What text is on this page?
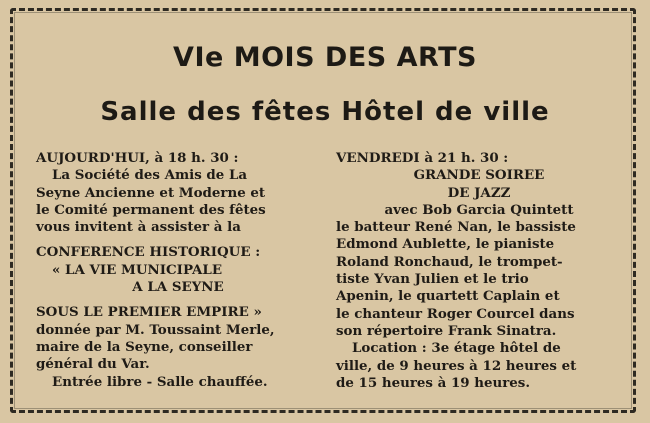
VIe MOIS DES ARTS
Salle des fêtes Hôtel de ville
AUJOURD'HUI, à 18 h. 30 :
La Société des Amis de La
Seyne Ancienne et Moderne et
le Comité permanent des fêtes
vous invitent à assister à la
CONFERENCE HISTORIQUE :
« LA VIE MUNICIPALE
A LA SEYNE
SOUS LE PREMIER EMPIRE »
donnée par M. Toussaint Merle,
maire de la Seyne, conseiller
général du Var.
Entrée libre - Salle chauffée.
VENDREDI à 21 h. 30 :
GRANDE SOIREE
DE JAZZ
avec Bob Garcia Quintett
le batteur René Nan, le bassiste
Edmond Aublette, le pianiste
Roland Ronchaud, le trompet-
tiste Yvan Julien et le trio
Apenin, le quartett Caplain et
le chanteur Roger Courcel dans
son répertoire Frank Sinatra.
Location : 3e étage hôtel de
ville, de 9 heures à 12 heures et
de 15 heures à 19 heures.
